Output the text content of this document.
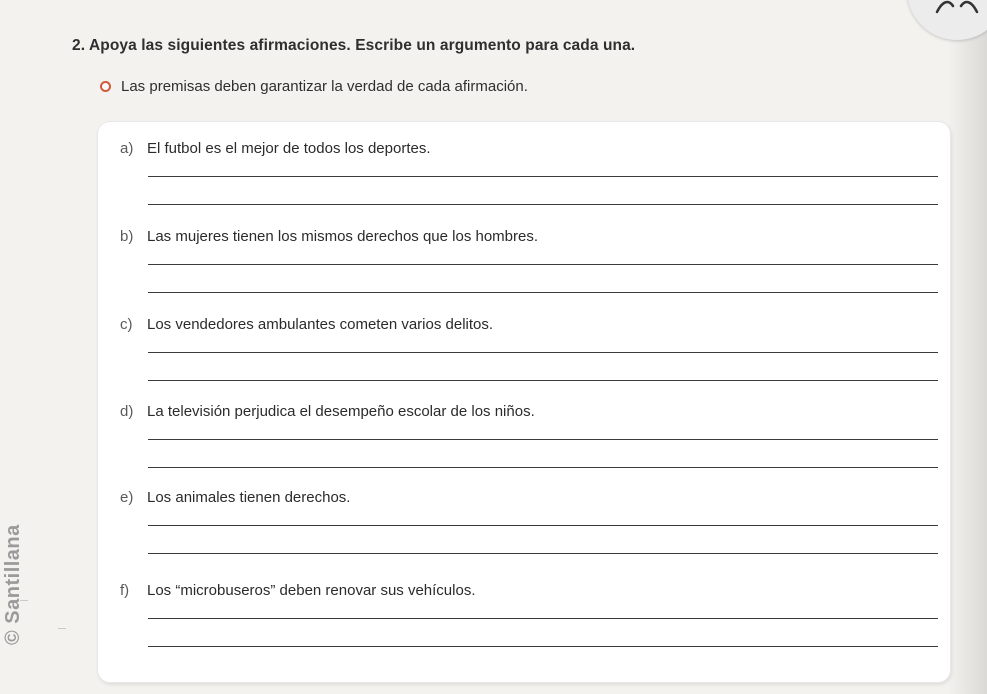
2. Apoya las siguientes afirmaciones. Escribe un argumento para cada una.
Las premisas deben garantizar la verdad de cada afirmación.
a) El futbol es el mejor de todos los deportes.
b) Las mujeres tienen los mismos derechos que los hombres.
c) Los vendedores ambulantes cometen varios delitos.
d) La televisión perjudica el desempeño escolar de los niños.
e) Los animales tienen derechos.
f) Los “microbuseros” deben renovar sus vehículos.
© Santillana
